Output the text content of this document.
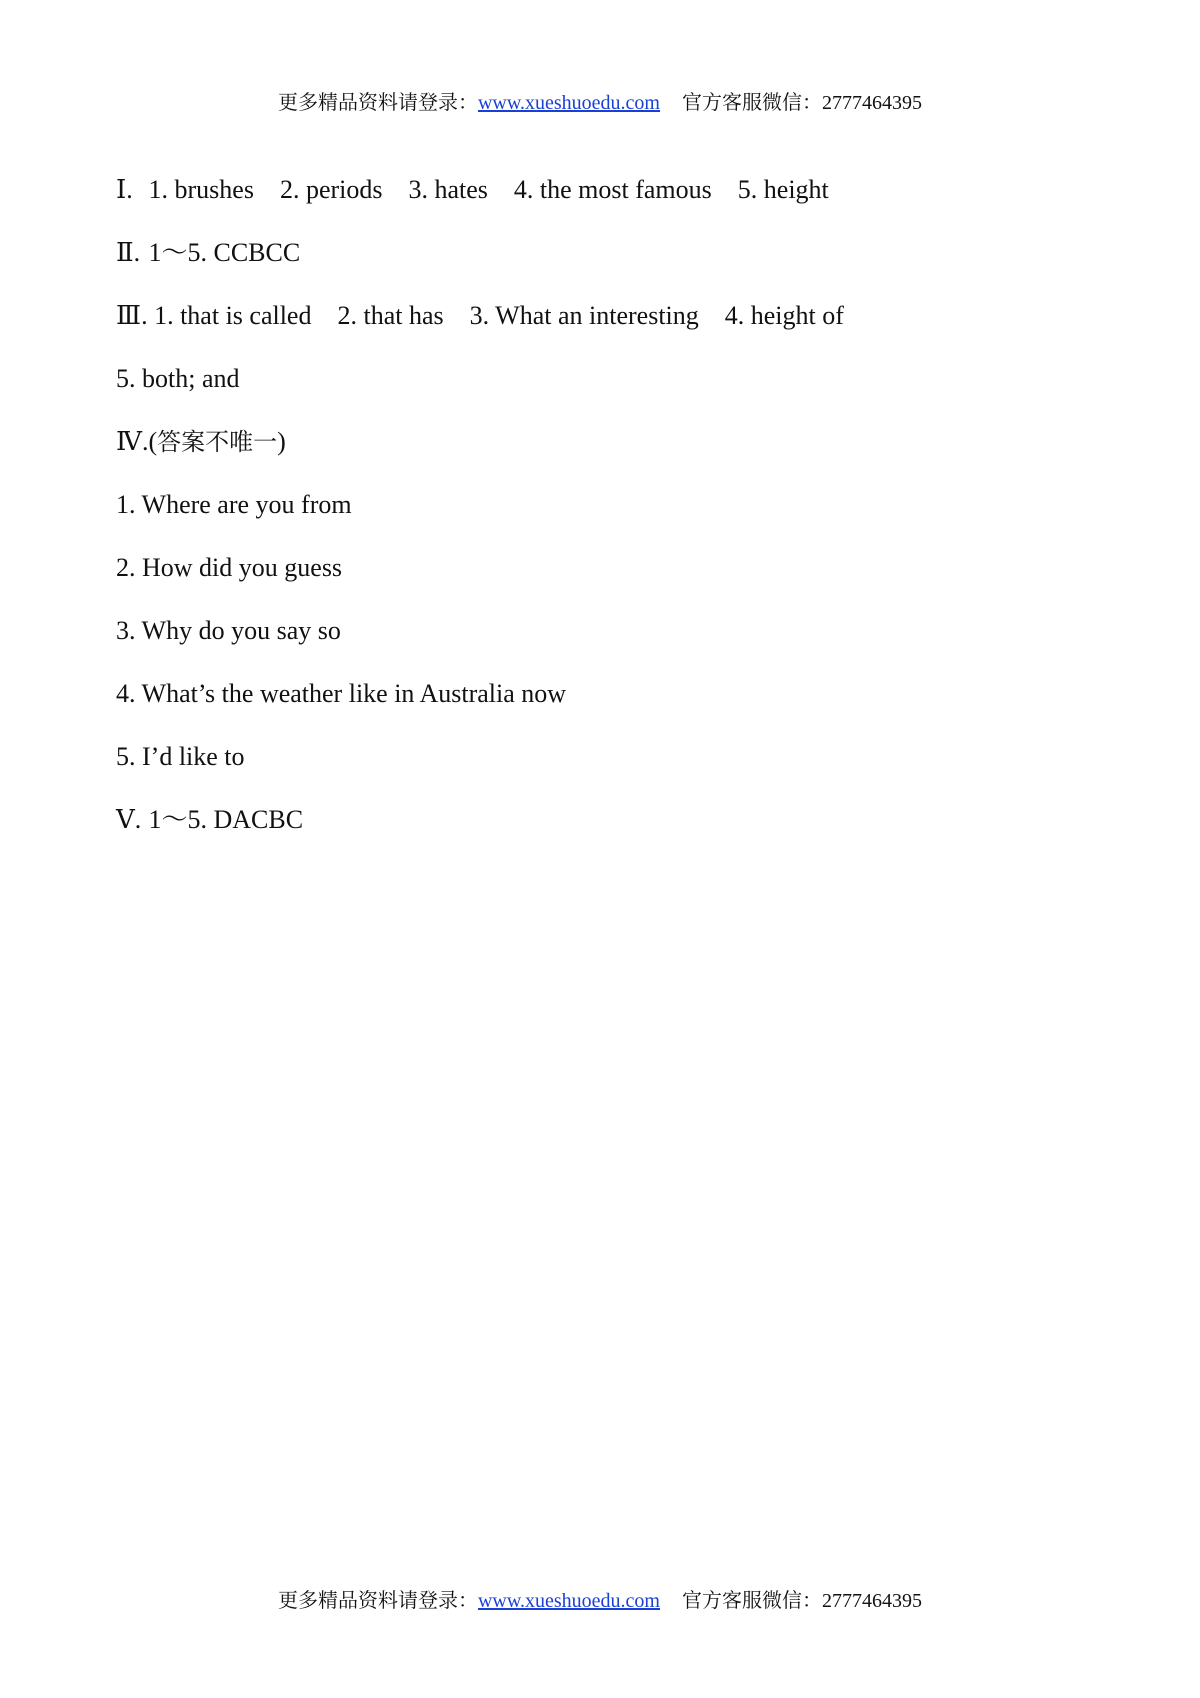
更多精品资料请登录：www.xueshuoedu.com 官方客服微信：2777464395
Ⅰ. 1. brushes 2. periods 3. hates 4. the most famous 5. height
Ⅱ. 1～5. CCBCC
Ⅲ. 1. that is called 2. that has 3. What an interesting 4. height of
5. both; and
Ⅳ.(答案不唯一)
1. Where are you from
2. How did you guess
3. Why do you say so
4. What’s the weather like in Australia now
5. I’d like to
Ⅴ. 1～5. DACBC
更多精品资料请登录：www.xueshuoedu.com 官方客服微信：2777464395
